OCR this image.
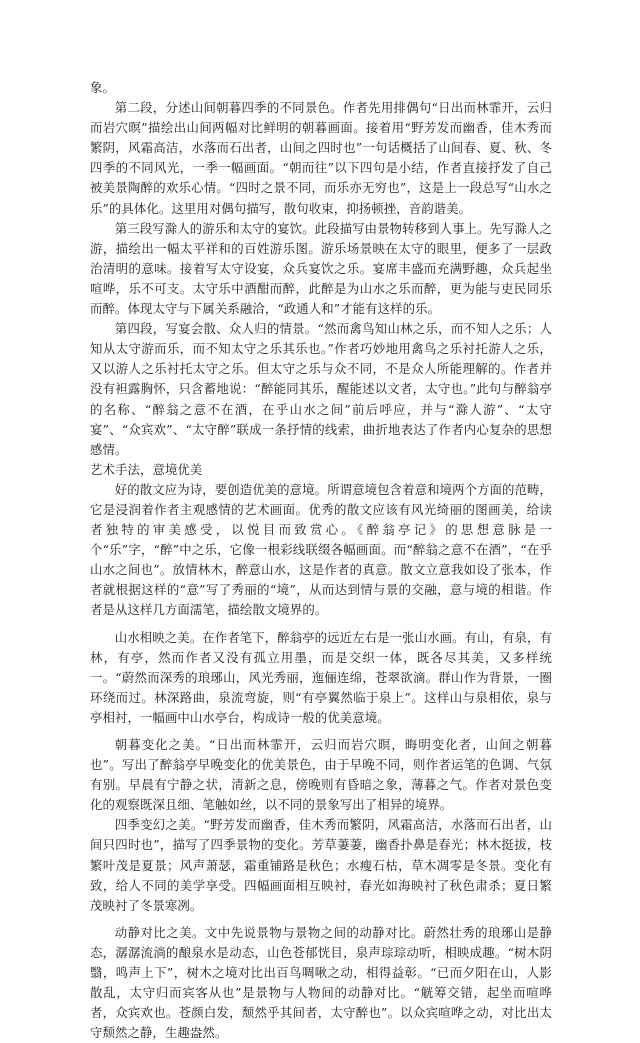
象。
第二段，分述山间朝暮四季的不同景色。作者先用排偶句“日出而林霏开，云归而岩穴暝”描绘出山间两幅对比鲜明的朝暮画面。接着用“野芳发而幽香，佳木秀而繁阴，风霜高洁，水落而石出者，山间之四时也”一句话概括了山间春、夏、秋、冬四季的不同风光，一季一幅画面。“朝而往”以下四句是小结，作者直接抒发了自己被美景陶醉的欢乐心情。“四时之景不同，而乐亦无穷也”，这是上一段总写“山水之乐”的具体化。这里用对偶句描写，散句收束，抑扬顿挫，音韵谐美。
第三段写滁人的游乐和太守的宴饮。此段描写由景物转移到人事上。先写滁人之游，描绘出一幅太平祥和的百姓游乐图。游乐场景映在太守的眼里，便多了一层政治清明的意味。接着写太守设宴，众兵宴饮之乐。宴席丰盛而充满野趣，众兵起坐喧哗，乐不可支。太守乐中酒酣而醉，此醉是为山水之乐而醉，更为能与吏民同乐而醉。体现太守与下属关系融洽，“政通人和”才能有这样的乐。
第四段，写宴会散、众人归的情景。“然而禽鸟知山林之乐，而不知人之乐；人知从太守游而乐，而不知太守之乐其乐也。”作者巧妙地用禽鸟之乐衬托游人之乐，又以游人之乐衬托太守之乐。但太守之乐与众不同，不是众人所能理解的。作者并没有袒露胸怀，只含蓄地说：“醉能同其乐，醒能述以文者，太守也。”此句与醉翁亭的名称、“醉翁之意不在酒，在乎山水之间”前后呼应，并与“滁人游”、“太守宴”、“众宾欢”、“太守醉”联成一条抒情的线索，曲折地表达了作者内心复杂的思想感情。
艺术手法，意境优美
好的散文应为诗，要创造优美的意境。所谓意境包含着意和境两个方面的范畴，它是浸润着作者主观感情的艺术画面。优秀的散文应该有风光绮丽的图画美，给读者独特的审美感受，以悦目而致赏心。《醉翁亭记》的思想意脉是一个“乐”字，“醉”中之乐，它像一根彩线联缀各幅画面。而“醉翁之意不在酒”，“在乎山水之间也”。放情林木，醉意山水，这是作者的真意。散文立意我如设了张本，作者就根据这样的“意”写了秀丽的“境”，从而达到情与景的交融，意与境的相谐。作者是从这样几方面濡笔，描绘散文境界的。
山水相映之美。在作者笔下，醉翁亭的远近左右是一张山水画。有山，有泉，有林，有亭，然而作者又没有孤立用墨，而是交织一体，既各尽其美，又多样统一。“蔚然而深秀的琅琊山，风光秀丽，迤俪连绵，苍翠欲滴。群山作为背景，一圈环绕而过。林深路曲，泉流弯旋，则“有亭翼然临于泉上”。这样山与泉相依，泉与亭相衬，一幅画中山水亭台，构成诗一般的优美意境。
朝暮变化之美。“日出而林霏开，云归而岩穴暝，晦明变化者，山间之朝暮也”。写出了醉翁亭早晚变化的优美景色，由于早晚不同，则作者运笔的色调、气氛有别。早晨有宁静之状，清新之息，傍晚则有昏暗之象，薄暮之气。作者对景色变化的观察既深且细、笔触如丝，以不同的景象写出了相异的境界。
四季变幻之美。“野芳发而幽香，佳木秀而繁阴，风霜高洁，水落而石出者，山间只四时也”，描写了四季景物的变化。芳草萋萋，幽香扑鼻是春光；林木挺拔，枝繁叶茂是夏景；风声萧瑟，霜重铺路是秋色；水瘦石枯，草木凋零是冬景。变化有致，给人不同的美学享受。四幅画面相互映衬，春光如海映衬了秋色肃杀；夏日繁茂映衬了冬景寒冽。
动静对比之美。文中先说景物与景物之间的动静对比。蔚然壮秀的琅琊山是静态，潺潺流淌的酿泉水是动态，山色苍郁恍目，泉声琮琮动听，相映成趣。“树木阴翳，鸣声上下”，树木之境对比出百鸟啁啾之动，相得益彰。“已而夕阳在山，人影散乱，太守归而宾客从也”是景物与人物间的动静对比。“觥筹交错，起坐而喧哗者，众宾欢也。苍颜白发，颓然乎其间者，太守醉也”。以众宾喧哗之动，对比出太守颓然之静，生趣盎然。
